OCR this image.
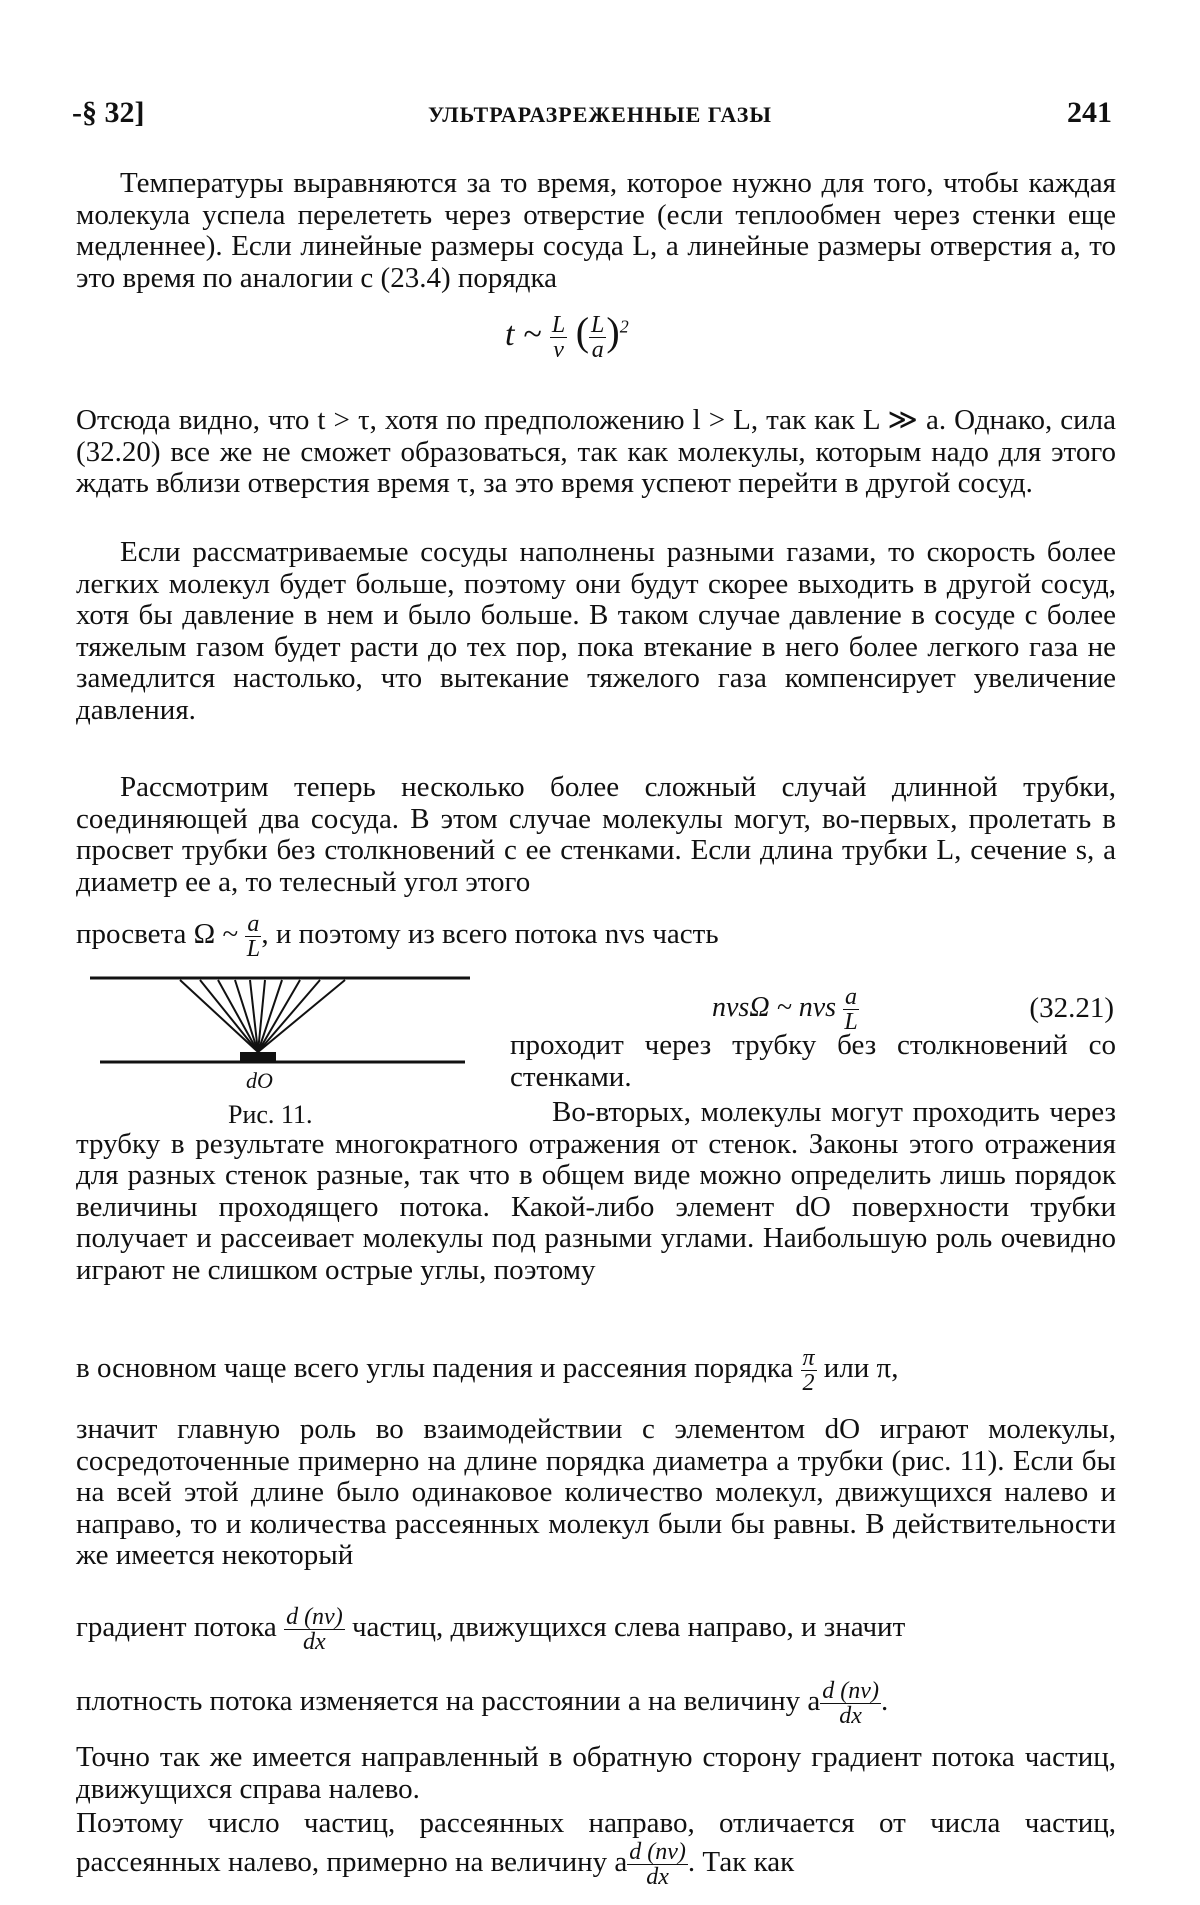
-§ 32]	УЛЬТРАРАЗРЕЖЕННЫЕ ГАЗЫ	241
Температуры выравняются за то время, которое нужно для того, чтобы каждая молекула успела перелететь через отверстие (если теплообмен через стенки еще медленнее). Если линейные размеры сосуда L, а линейные размеры отверстия a, то это время по аналогии с (23.4) порядка
t ~ $\frac{L}{v}$ ( $\frac{L}{a} )^2$
Отсюда видно, что t > τ, хотя по предположению l > L, так как L ≫ a. Однако, сила (32.20) все же не сможет образоваться, так как молекулы, которым надо для этого ждать вблизи отверстия время τ, за это время успеют перейти в другой сосуд.
Если рассматриваемые сосуды наполнены разными газами, то скорость более легких молекул будет больше, поэтому они будут скорее выходить в другой сосуд, хотя бы давление в нем и было больше. В таком случае давление в сосуде с более тяжелым газом будет расти до тех пор, пока втекание в него более легкого газа не замедлится настолько, что вытекание тяжелого газа компенсирует увеличение давления.
Рассмотрим теперь несколько более сложный случай длинной трубки, соединяющей два сосуда. В этом случае молекулы могут, во-первых, пролетать в просвет трубки без столкновений с ее стенками. Если длина трубки L, сечение s, а диаметр ее a, то телесный угол этого
просвета Ω ~ $\frac{a}{L}$ , и поэтому из всего потока nvs часть
nvsΩ ~ nvs $\frac{a}{L}$	(32.21)
dO
Рис. 11.
проходит через трубку без столкновений со стенками.
Во-вторых, молекулы могут проходить через трубку в результате многократного отражения от стенок. Законы этого отражения для разных стенок разные, так что в общем виде можно определить лишь порядок величины проходящего потока. Какой-либо элемент dO поверхности трубки получает и рассеивает молекулы под разными углами. Наибольшую роль очевидно играют не слишком острые углы, поэтому
в основном чаще всего углы падения и рассеяния порядка $\frac{\pi}{2}$ или π,
значит главную роль во взаимодействии с элементом dO играют молекулы, сосредоточенные примерно на длине порядка диаметра a трубки (рис. 11). Если бы на всей этой длине было одинаковое количество молекул, движущихся налево и направо, то и количества рассеянных молекул были бы равны. В действительности же имеется некоторый
градиент потока $\frac{d (nv)}{dx}$ частиц, движущихся слева направо, и значит
плотность потока изменяется на расстоянии a на величину a $\frac{d (nv)}{dx}$ .
Точно так же имеется направленный в обратную сторону градиент потока частиц, движущихся справа налево.
Поэтому число частиц, рассеянных направо, отличается от числа частиц, рассеянных налево, примерно на величину a $\frac{d (nv)}{dx}$ . Так как
